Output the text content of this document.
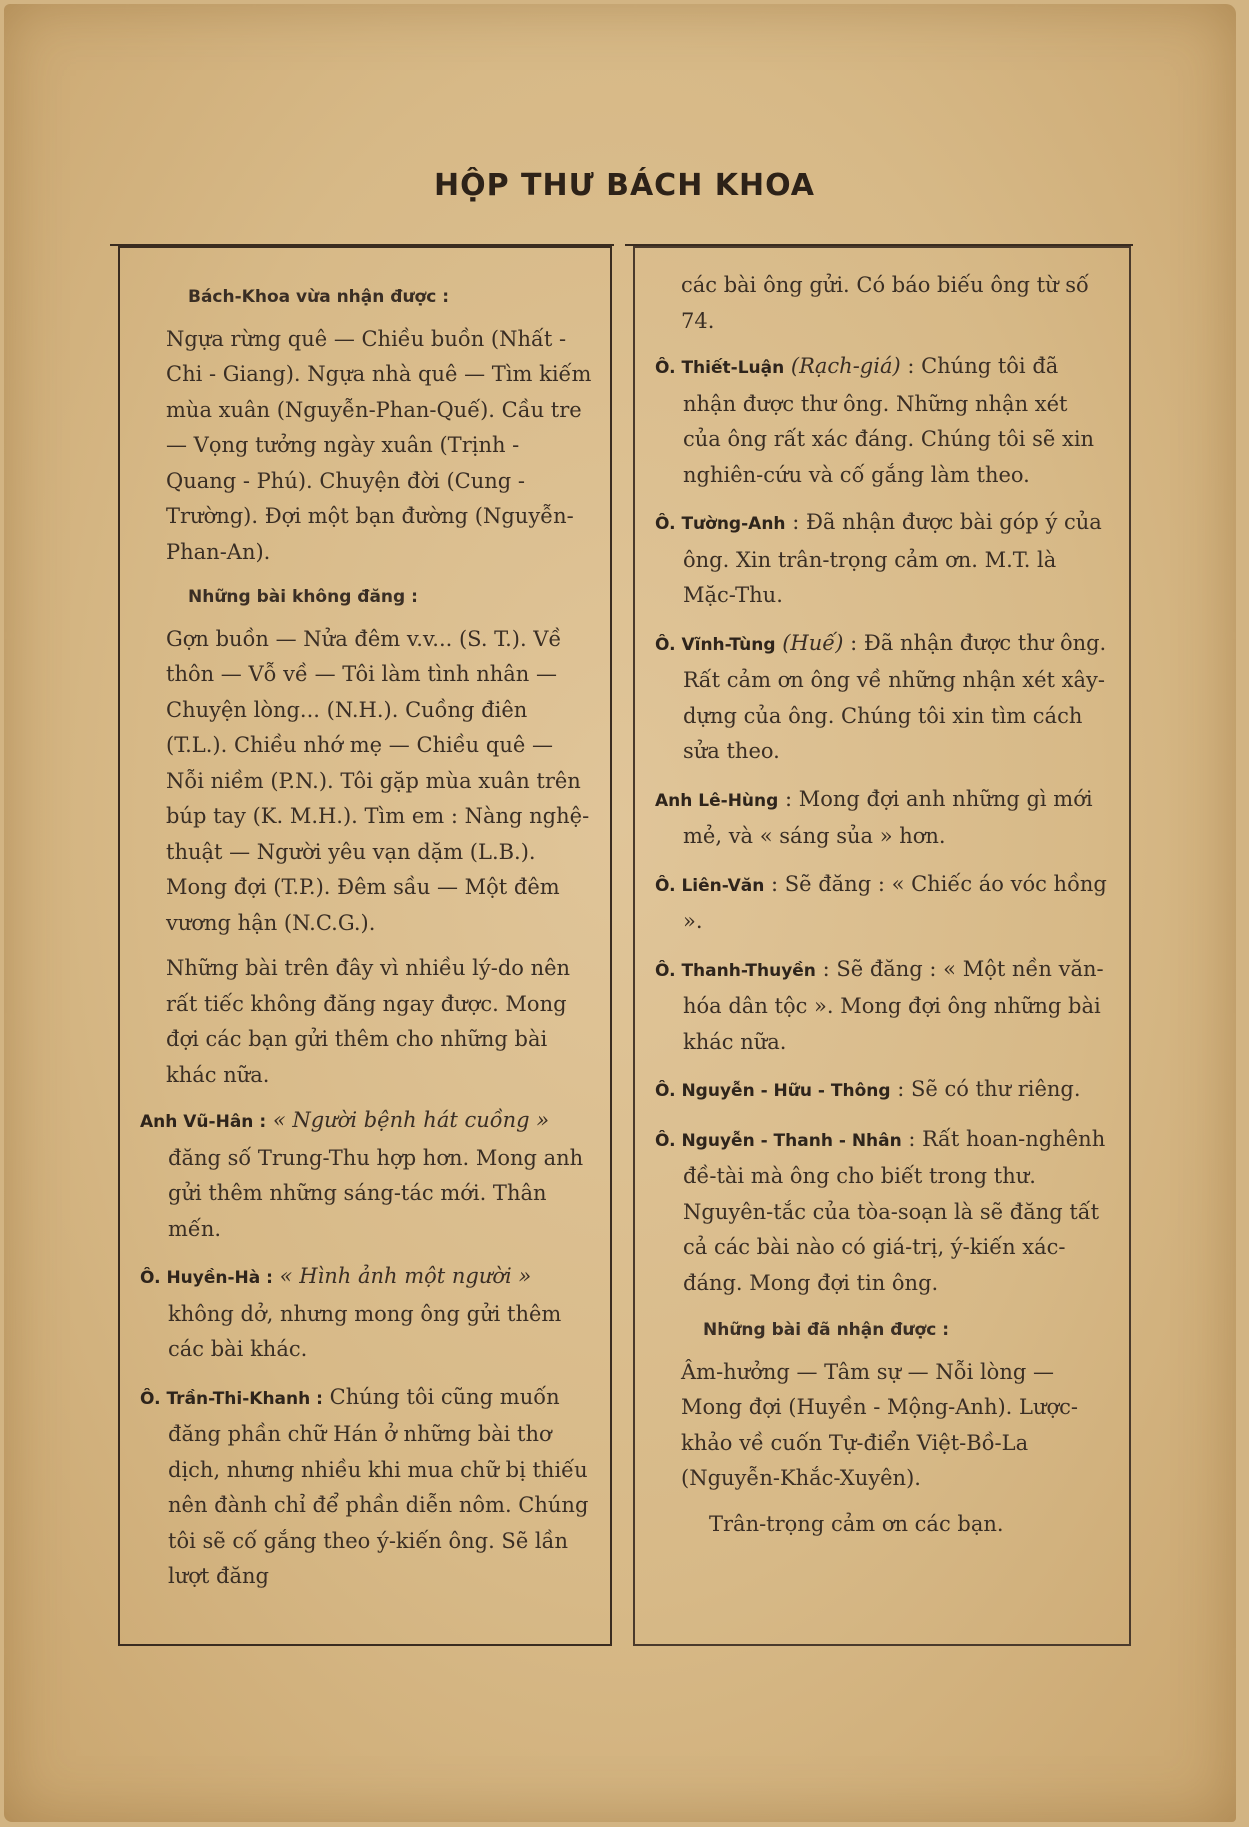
HỘP THƯ BÁCH KHOA
Bách-Khoa vừa nhận được :

Ngựa rừng quê — Chiều buồn (Nhất - Chi - Giang). Ngựa nhà quê — Tìm kiếm mùa xuân (Nguyễn-Phan-Quế). Cầu tre — Vọng tưởng ngày xuân (Trịnh - Quang - Phú). Chuyện đời (Cung - Trường). Đợi một bạn đường (Nguyễn-Phan-An).

Những bài không đăng :

Gợn buồn — Nửa đêm v.v... (S. T.). Về thôn — Vỗ về — Tôi làm tình nhân — Chuyện lòng... (N.H.). Cuồng điên (T.L.). Chiều nhớ mẹ — Chiều quê — Nỗi niềm (P.N.). Tôi gặp mùa xuân trên búp tay (K. M.H.). Tìm em : Nàng nghệ-thuật — Người yêu vạn dặm (L.B.). Mong đợi (T.P.). Đêm sầu — Một đêm vương hận (N.C.G.).

Những bài trên đây vì nhiều lý-do nên rất tiếc không đăng ngay được. Mong đợi các bạn gửi thêm cho những bài khác nữa.

Anh Vũ-Hân : « Người bệnh hát cuồng » đăng số Trung-Thu hợp hơn. Mong anh gửi thêm những sáng-tác mới. Thân mến.

Ô. Huyền-Hà : « Hình ảnh một người » không dở, nhưng mong ông gửi thêm các bài khác.

Ô. Trần-Thi-Khanh : Chúng tôi cũng muốn đăng phần chữ Hán ở những bài thơ dịch, nhưng nhiều khi mua chữ bị thiếu nên đành chỉ để phần diễn nôm. Chúng tôi sẽ cố gắng theo ý-kiến ông. Sẽ lần lượt đăng

các bài ông gửi. Có báo biếu ông từ số 74.

Ô. Thiết-Luận (Rạch-giá) : Chúng tôi đã nhận được thư ông. Những nhận xét của ông rất xác đáng. Chúng tôi sẽ xin nghiên-cứu và cố gắng làm theo.

Ô. Tường-Anh : Đã nhận được bài góp ý của ông. Xin trân-trọng cảm ơn. M.T. là Mặc-Thu.

Ô. Vĩnh-Tùng (Huế) : Đã nhận được thư ông. Rất cảm ơn ông về những nhận xét xây-dựng của ông. Chúng tôi xin tìm cách sửa theo.

Anh Lê-Hùng : Mong đợi anh những gì mới mẻ, và « sáng sủa » hơn.

Ô. Liên-Văn : Sẽ đăng : « Chiếc áo vóc hồng ».

Ô. Thanh-Thuyền : Sẽ đăng : « Một nền văn-hóa dân tộc ». Mong đợi ông những bài khác nữa.

Ô. Nguyễn - Hữu - Thông : Sẽ có thư riêng.

Ô. Nguyễn - Thanh - Nhân : Rất hoan-nghênh đề-tài mà ông cho biết trong thư. Nguyên-tắc của tòa-soạn là sẽ đăng tất cả các bài nào có giá-trị, ý-kiến xác-đáng. Mong đợi tin ông.

Những bài đã nhận được :

Âm-hưởng — Tâm sự — Nỗi lòng — Mong đợi (Huyền - Mộng-Anh). Lược-khảo về cuốn Tự-điển Việt-Bồ-La (Nguyễn-Khắc-Xuyên).

Trân-trọng cảm ơn các bạn.
